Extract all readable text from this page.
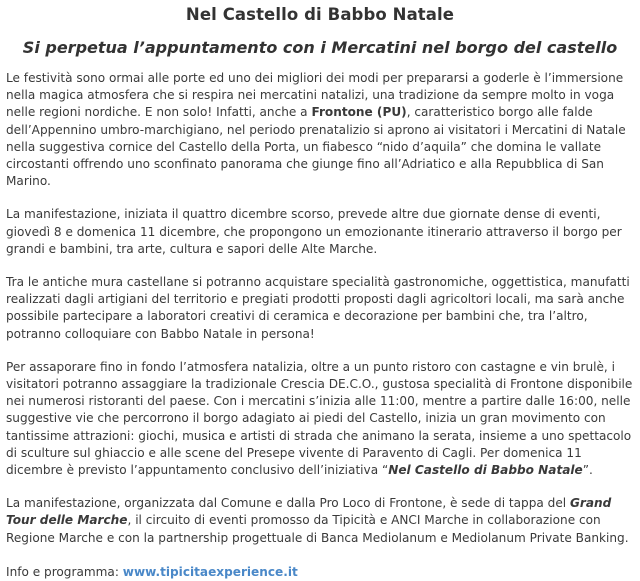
Nel Castello di Babbo Natale
Si perpetua l’appuntamento con i Mercatini nel borgo del castello

Le festività sono ormai alle porte ed uno dei migliori dei modi per prepararsi a goderle è l’immersione nella magica atmosfera che si respira nei mercatini natalizi, una tradizione da sempre molto in voga nelle regioni nordiche. E non solo! Infatti, anche a Frontone (PU), caratteristico borgo alle falde dell’Appennino umbro-marchigiano, nel periodo prenatalizio si aprono ai visitatori i Mercatini di Natale nella suggestiva cornice del Castello della Porta, un fiabesco “nido d’aquila” che domina le vallate circostanti offrendo uno sconfinato panorama che giunge fino all’Adriatico e alla Repubblica di San Marino.

La manifestazione, iniziata il quattro dicembre scorso, prevede altre due giornate dense di eventi, giovedì 8 e domenica 11 dicembre, che propongono un emozionante itinerario attraverso il borgo per grandi e bambini, tra arte, cultura e sapori delle Alte Marche.

Tra le antiche mura castellane si potranno acquistare specialità gastronomiche, oggettistica, manufatti realizzati dagli artigiani del territorio e pregiati prodotti proposti dagli agricoltori locali, ma sarà anche possibile partecipare a laboratori creativi di ceramica e decorazione per bambini che, tra l’altro, potranno colloquiare con Babbo Natale in persona!

Per assaporare fino in fondo l’atmosfera natalizia, oltre a un punto ristoro con castagne e vin brulè, i visitatori potranno assaggiare la tradizionale Crescia DE.C.O., gustosa specialità di Frontone disponibile nei numerosi ristoranti del paese. Con i mercatini s’inizia alle 11:00, mentre a partire dalle 16:00, nelle suggestive vie che percorrono il borgo adagiato ai piedi del Castello, inizia un gran movimento con tantissime attrazioni: giochi, musica e artisti di strada che animano la serata, insieme a uno spettacolo di sculture sul ghiaccio e alle scene del Presepe vivente di Paravento di Cagli. Per domenica 11 dicembre è previsto l’appuntamento conclusivo dell’iniziativa “Nel Castello di Babbo Natale”.

La manifestazione, organizzata dal Comune e dalla Pro Loco di Frontone, è sede di tappa del Grand Tour delle Marche, il circuito di eventi promosso da Tipicità e ANCI Marche in collaborazione con Regione Marche e con la partnership progettuale di Banca Mediolanum e Mediolanum Private Banking.

Info e programma: www.tipicitaexperience.it
